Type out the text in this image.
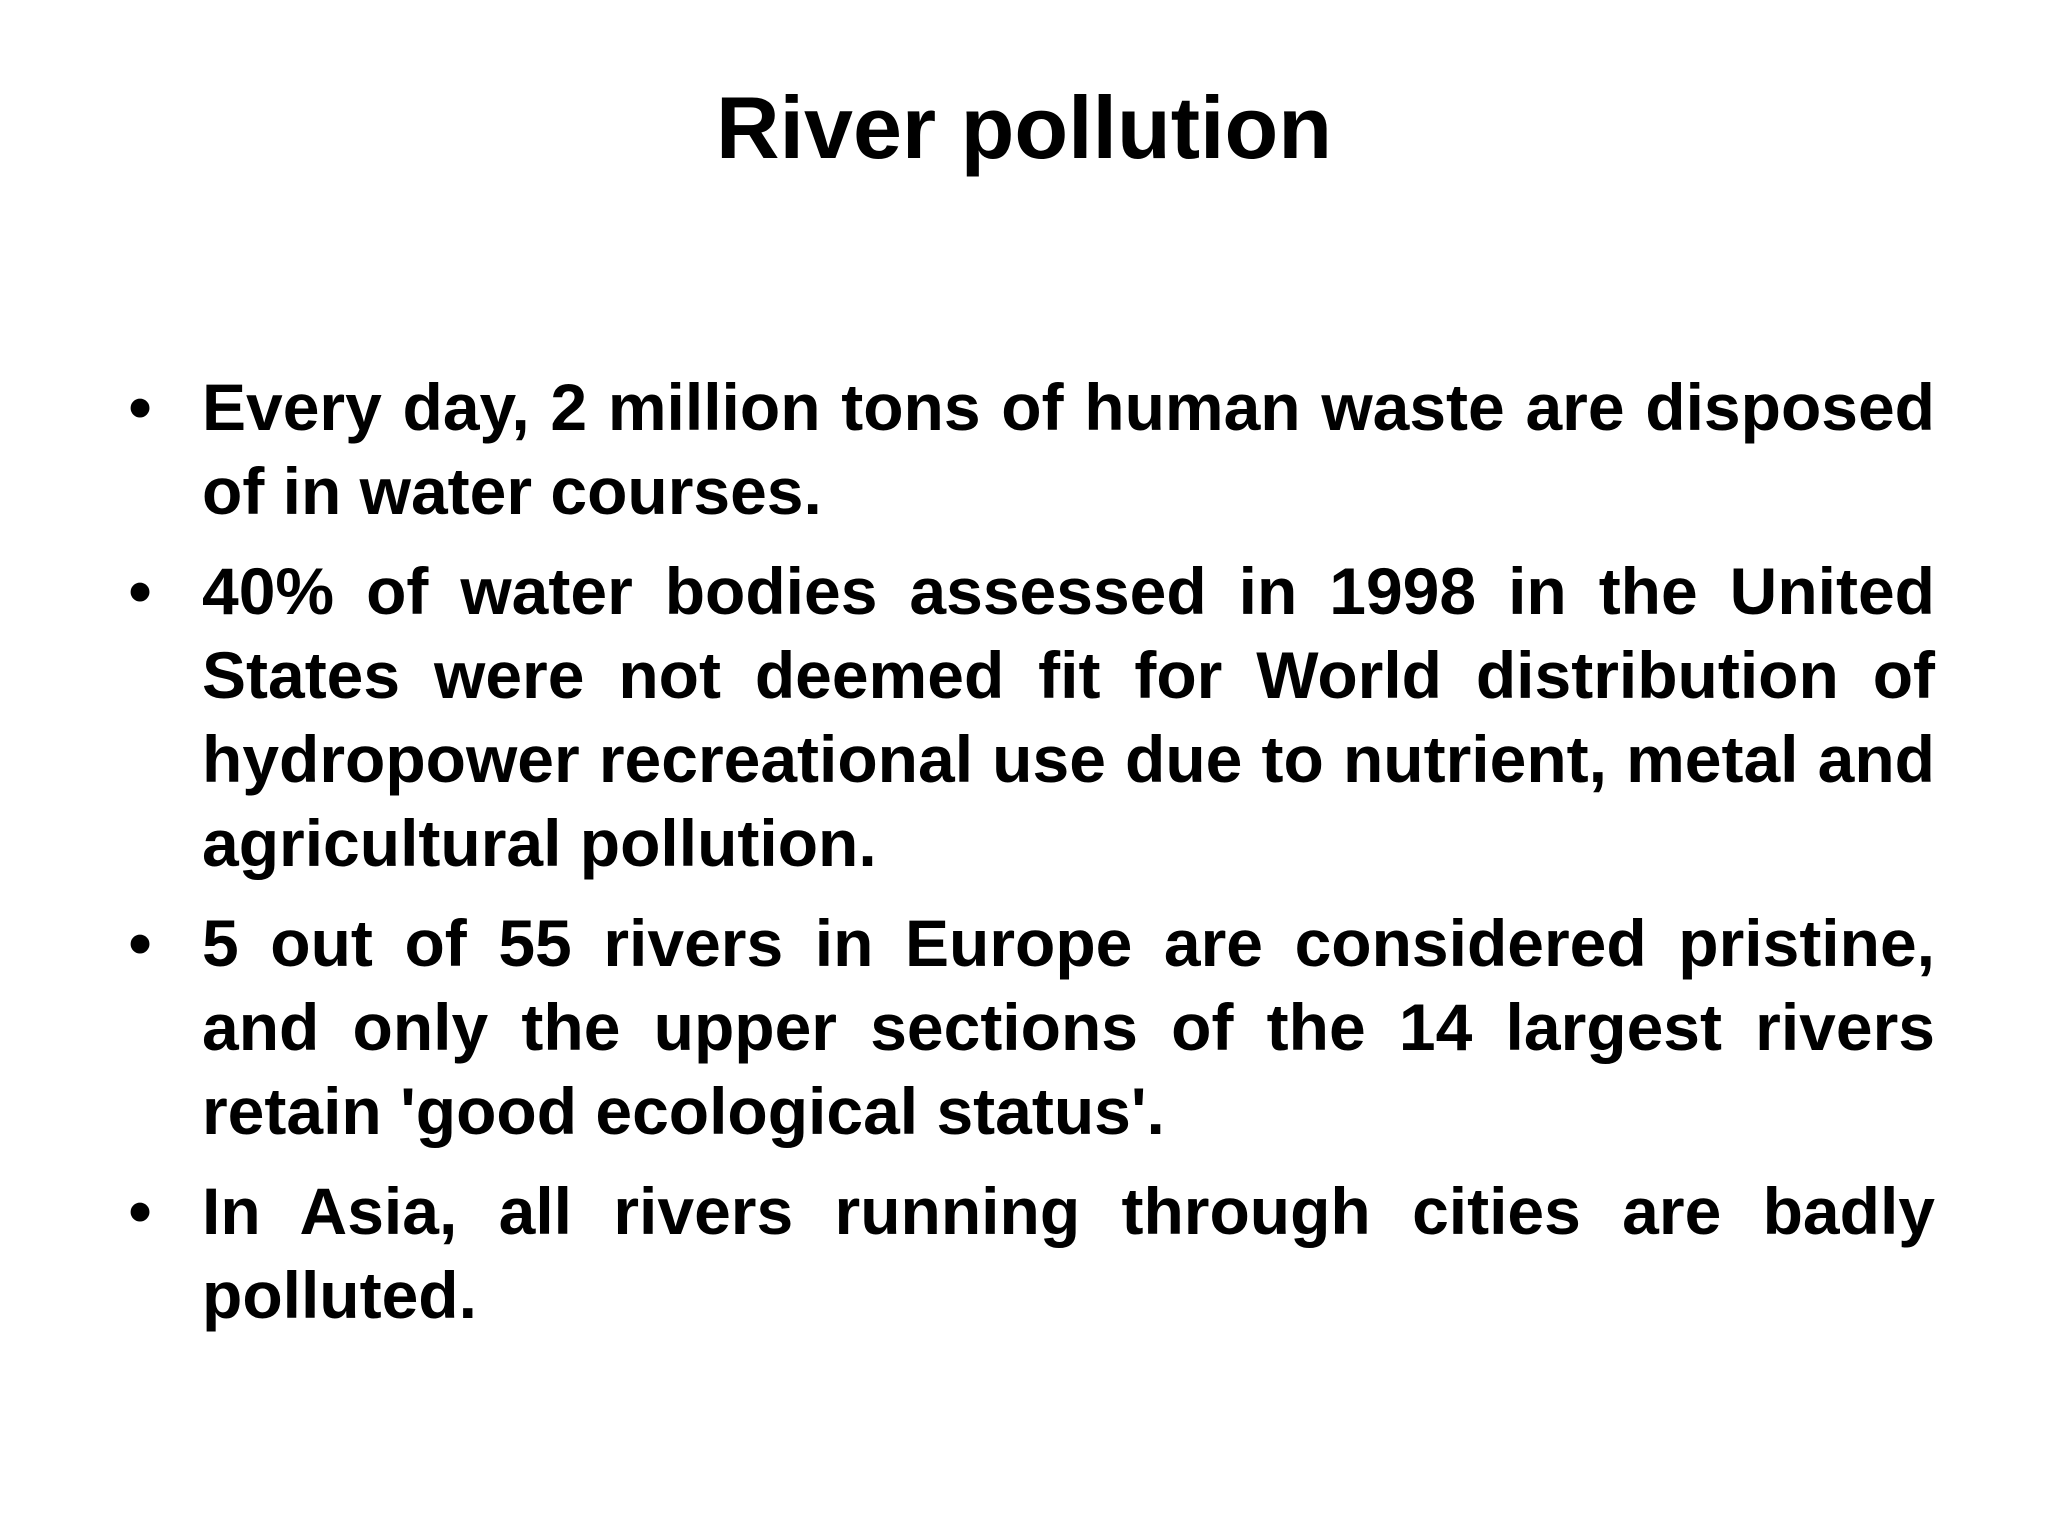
River pollution
• Every day, 2 million tons of human waste are disposed of in water courses.
• 40% of water bodies assessed in 1998 in the United States were not deemed fit for World distribution of hydropower recreational use due to nutrient, metal and agricultural pollution.
• 5 out of 55 rivers in Europe are considered pristine, and only the upper sections of the 14 largest rivers retain 'good ecological status'.
• In Asia, all rivers running through cities are badly polluted.
